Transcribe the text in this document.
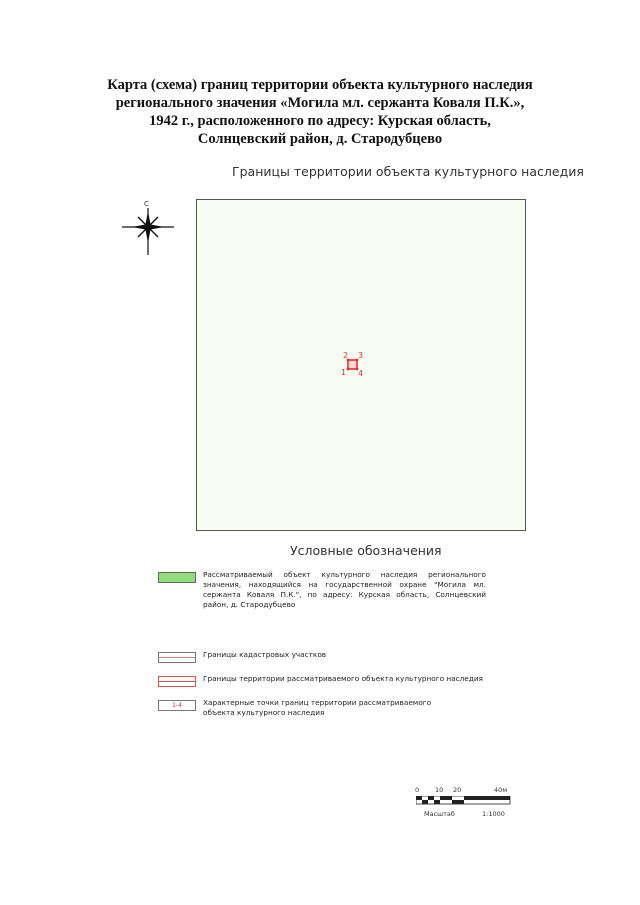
Карта (схема) границ территории объекта культурного наследия
регионального значения «Могила мл. сержанта Коваля П.К.»,
1942 г., расположенного по адресу: Курская область,
Солнцевский район, д. Стародубцево
Границы территории объекта культурного наследия
С
2 3
1 4
Условные обозначения
Рассматриваемый объект культурного наследия регионального значения, находящийся на государственной охране "Могила мл. сержанта Коваля П.К.", по адресу: Курская область, Солнцевский район, д. Стародубцево
Границы кадастровых участков
Границы территории рассматриваемого объекта культурного наследия
1-4	Характерные точки границ территории рассматриваемого объекта культурного наследия
0 10 20	40м
Масштаб	1:1000
